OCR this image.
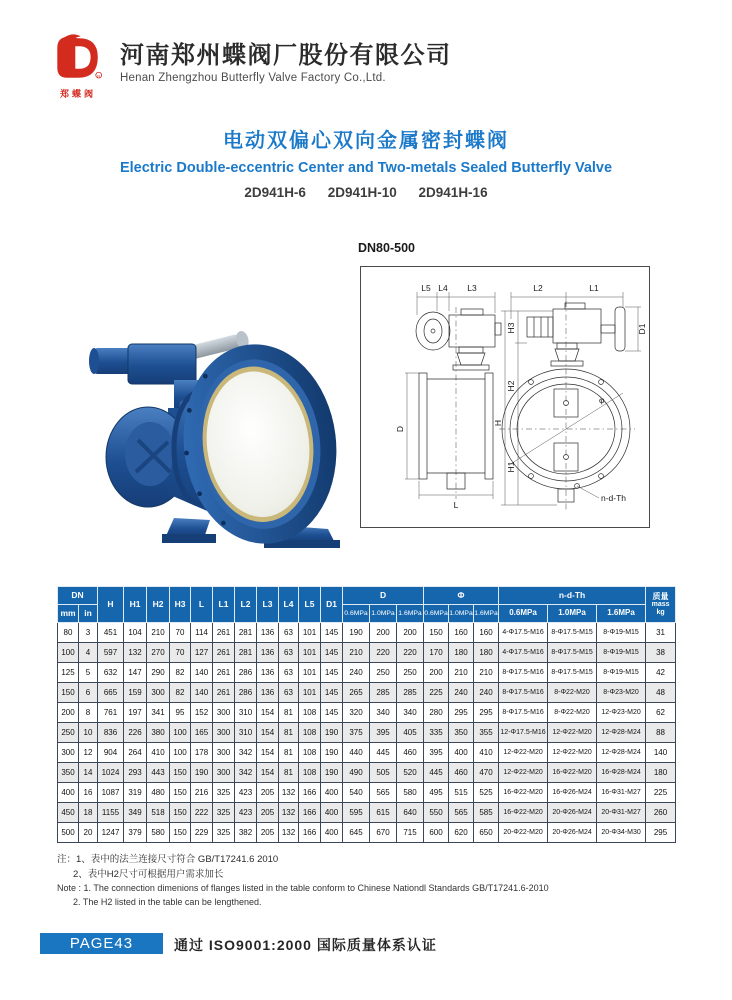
R
郑蝶阀
河南郑州蝶阀厂股份有限公司
Henan Zhengzhou Butterfly Valve Factory Co.,Ltd.
电动双偏心双向金属密封蝶阀
Electric Double-eccentric Center and Two-metals Sealed Butterfly Valve
2D941H-6 2D941H-10 2D941H-16
DN80-500
L5 L4 L3
D
L
L2	L1
H
H3
H2
H1
D1
φ
n-d-Th
DN		H	H1	H2	H3	L	L1	L2	L3	L4	L5	D1	D			Φ			n-d-Th			质量
mass
kg

mm	in												0.6MPa	1.0MPa	1.6MPa	0.6MPa	1.0MPa	1.6MPa	0.6MPa	1.0MPa	1.6MPa	
80	3	451	104	210	70	114	261	281	136	63	101	145	190	200	200	150	160	160	4-Φ17.5-M16	8-Φ17.5-M15	8-Φ19-M15	31
100	4	597	132	270	70	127	261	281	136	63	101	145	210	220	220	170	180	180	4-Φ17.5-M16	8-Φ17.5-M15	8-Φ19-M15	38
125	5	632	147	290	82	140	261	286	136	63	101	145	240	250	250	200	210	210	8-Φ17.5-M16	8-Φ17.5-M15	8-Φ19-M15	42
150	6	665	159	300	82	140	261	286	136	63	101	145	265	285	285	225	240	240	8-Φ17.5-M16	8-Φ22-M20	8-Φ23-M20	48
200	8	761	197	341	95	152	300	310	154	81	108	145	320	340	340	280	295	295	8-Φ17.5-M16	8-Φ22-M20	12-Φ23-M20	62
250	10	836	226	380	100	165	300	310	154	81	108	190	375	395	405	335	350	355	12-Φ17.5-M16	12-Φ22-M20	12-Φ28-M24	88
300	12	904	264	410	100	178	300	342	154	81	108	190	440	445	460	395	400	410	12-Φ22-M20	12-Φ22-M20	12-Φ28-M24	140
350	14	1024	293	443	150	190	300	342	154	81	108	190	490	505	520	445	460	470	12-Φ22-M20	16-Φ22-M20	16-Φ28-M24	180
400	16	1087	319	480	150	216	325	423	205	132	166	400	540	565	580	495	515	525	16-Φ22-M20	16-Φ26-M24	16-Φ31-M27	225
450	18	1155	349	518	150	222	325	423	205	132	166	400	595	615	640	550	565	585	16-Φ22-M20	20-Φ26-M24	20-Φ31-M27	260
500	20	1247	379	580	150	229	325	382	205	132	166	400	645	670	715	600	620	650	20-Φ22-M20	20-Φ26-M24	20-Φ34-M30	295
注：1、表中的法兰连接尺寸符合 GB/T17241.6 2010
2、表中H2尺寸可根据用户需求加长
Note : 1. The connection dimenions of flanges listed in the table conform to Chinese Nationdl Standards GB/T17241.6-2010
2. The H2 listed in the table can be lengthened.
PAGE43	通过 ISO9001:2000 国际质量体系认证
